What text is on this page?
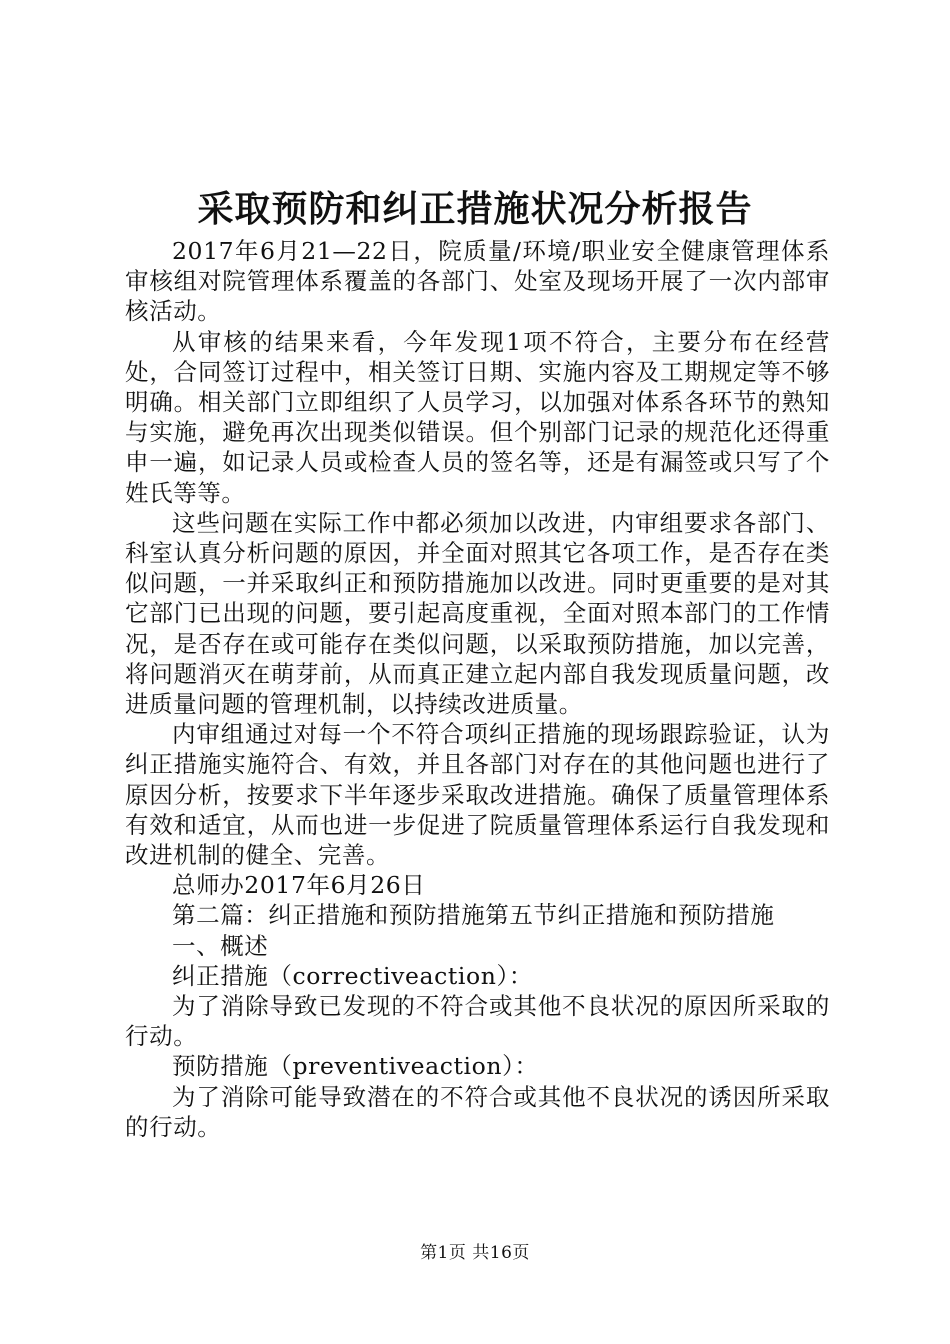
采取预防和纠正措施状况分析报告

2017年6月21—22日，院质量/环境/职业安全健康管理体系审核组对院管理体系覆盖的各部门、处室及现场开展了一次内部审核活动。

从审核的结果来看，今年发现1项不符合，主要分布在经营处，合同签订过程中，相关签订日期、实施内容及工期规定等不够明确。相关部门立即组织了人员学习，以加强对体系各环节的熟知与实施，避免再次出现类似错误。但个别部门记录的规范化还得重申一遍，如记录人员或检查人员的签名等，还是有漏签或只写了个姓氏等等。

这些问题在实际工作中都必须加以改进，内审组要求各部门、科室认真分析问题的原因，并全面对照其它各项工作，是否存在类似问题，一并采取纠正和预防措施加以改进。同时更重要的是对其它部门已出现的问题，要引起高度重视，全面对照本部门的工作情况，是否存在或可能存在类似问题，以采取预防措施，加以完善，将问题消灭在萌芽前，从而真正建立起内部自我发现质量问题，改进质量问题的管理机制，以持续改进质量。

内审组通过对每一个不符合项纠正措施的现场跟踪验证，认为纠正措施实施符合、有效，并且各部门对存在的其他问题也进行了原因分析，按要求下半年逐步采取改进措施。确保了质量管理体系有效和适宜，从而也进一步促进了院质量管理体系运行自我发现和改进机制的健全、完善。

总师办2017年6月26日

第二篇：纠正措施和预防措施第五节纠正措施和预防措施

一、概述

纠正措施（correctiveaction）：

为了消除导致已发现的不符合或其他不良状况的原因所采取的行动。

预防措施（preventiveaction）：

为了消除可能导致潜在的不符合或其他不良状况的诱因所采取的行动。

第1页 共16页
